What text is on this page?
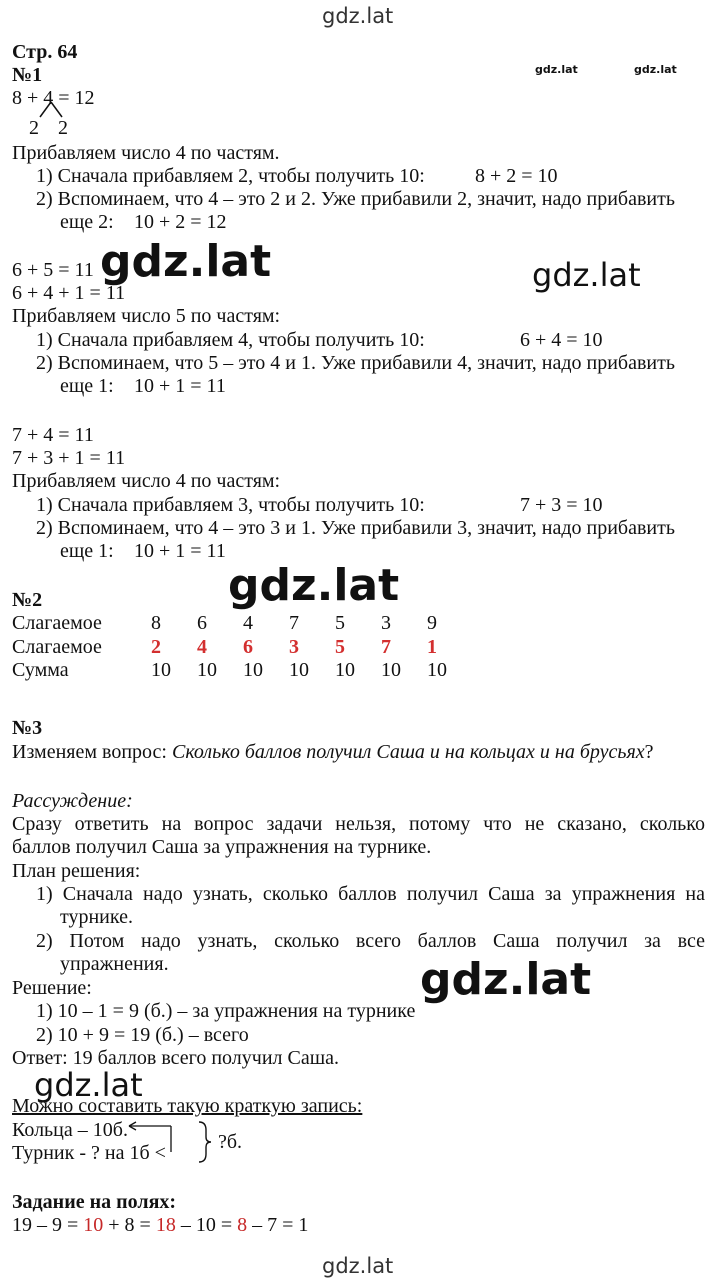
gdz.lat
gdz.lat	gdz.lat
gdz.lat	gdz.lat
gdz.lat
gdz.lat
gdz.lat
gdz.lat
Стр. 64
№1
8 + 4 = 12
2 2
Прибавляем число 4 по частям.
1) Сначала прибавляем 2, чтобы получить 10:	8 + 2 = 10
2) Вспоминаем, что 4 – это 2 и 2. Уже прибавили 2, значит, надо прибавить
еще 2: 10 + 2 = 12
6 + 5 = 11
6 + 4 + 1 = 11
Прибавляем число 5 по частям:
1) Сначала прибавляем 4, чтобы получить 10:	6 + 4 = 10
2) Вспоминаем, что 5 – это 4 и 1. Уже прибавили 4, значит, надо прибавить
еще 1: 10 + 1 = 11
7 + 4 = 11
7 + 3 + 1 = 11
Прибавляем число 4 по частям:
1) Сначала прибавляем 3, чтобы получить 10:	7 + 3 = 10
2) Вспоминаем, что 4 – это 3 и 1. Уже прибавили 3, значит, надо прибавить
еще 1: 10 + 1 = 11
№2
Слагаемое	8	6	4	7	5	3	9
Слагаемое	2	4	6	3	5	7	1
Сумма	10 10 10 10 10 10 10
№3
Изменяем вопрос: Сколько баллов получил Саша и на кольцах и на брусьях?
Рассуждение:
Сразу ответить на вопрос задачи нельзя, потому что не сказано, сколько
баллов получил Саша за упражнения на турнике.
План решения:
1) Сначала надо узнать, сколько баллов получил Саша за упражнения на
турнике.
2) Потом надо узнать, сколько всего баллов Саша получил за все
упражнения.
Решение:
1) 10 – 1 = 9 (б.) – за упражнения на турнике
2) 10 + 9 = 19 (б.) – всего
Ответ: 19 баллов всего получил Саша.
Можно составить такую краткую запись:
Кольца – 10б.
Турник - ? на 1б <	?б.
Задание на полях:
19 – 9 = 10 + 8 = 18 – 10 = 8 – 7 = 1
